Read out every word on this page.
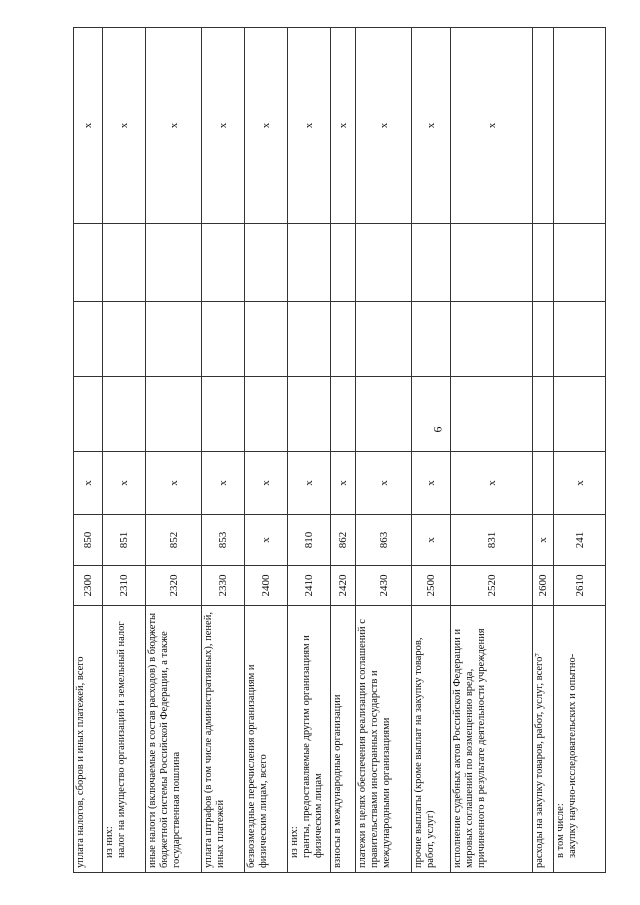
6
уплата налогов, сборов и иных платежей, всего	2300	850	x				x

из них: налог на имущество организаций и земельный налог	2310	851	x				x

иные налоги (включаемые в состав расходов) в бюджеты бюджетной системы Российской Федерации, а также государственная пошлина	2320	852	x				x

уплата штрафов (в том числе административных), пеней, иных платежей	2330	853	x				x

безвозмездные перечисления организациям и физическим лицам, всего	2400	x	x				x

из них: гранты, предоставляемые другим организациям и физическим лицам	2410	810	x				x

взносы в международные организации	2420	862	x				x

платежи в целях обеспечения реализации соглашений с правительствами иностранных государств и международными организациями	2430	863	x				x

прочие выплаты (кроме выплат на закупку товаров, работ, услуг)	2500	x	x				x

исполнение судебных актов Российской Федерации и мировых соглашений по возмещению вреда, причиненного в результате деятельности учреждения	2520	831	x				x

расходы на закупку товаров, работ, услуг, всего⁷	2600	x					

в том числе: закупку научно-исследовательских и опытно-	2610	241	x				
